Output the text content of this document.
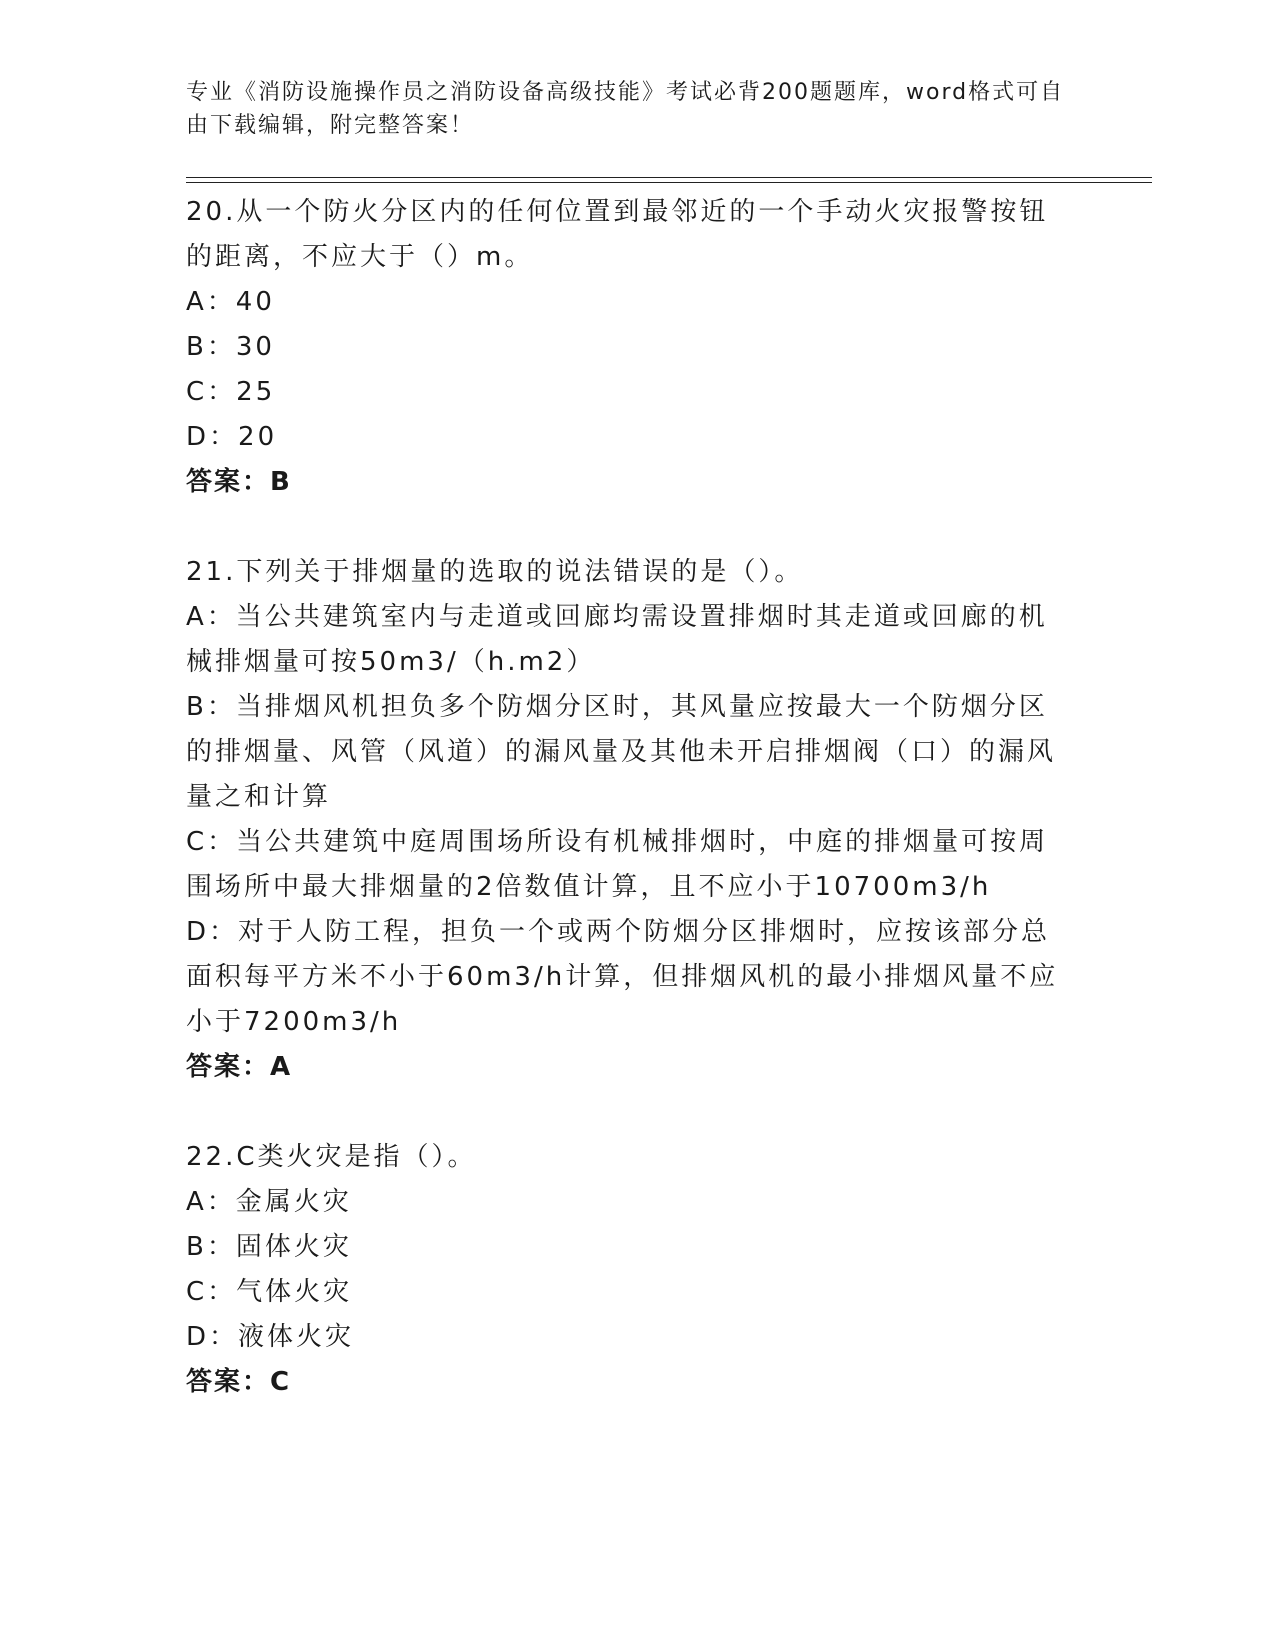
专业《消防设施操作员之消防设备高级技能》考试必背200题题库，word格式可自由下载编辑，附完整答案！

20.从一个防火分区内的任何位置到最邻近的一个手动火灾报警按钮的距离，不应大于（）m。

A：40

B：30

C：25

D：20

答案：B

21.下列关于排烟量的选取的说法错误的是（）。

A：当公共建筑室内与走道或回廊均需设置排烟时其走道或回廊的机械排烟量可按50m3/（h.m2）

B：当排烟风机担负多个防烟分区时，其风量应按最大一个防烟分区的排烟量、风管（风道）的漏风量及其他未开启排烟阀（口）的漏风量之和计算

C：当公共建筑中庭周围场所设有机械排烟时，中庭的排烟量可按周围场所中最大排烟量的2倍数值计算，且不应小于10700m3/h

D：对于人防工程，担负一个或两个防烟分区排烟时，应按该部分总面积每平方米不小于60m3/h计算，但排烟风机的最小排烟风量不应小于7200m3/h

答案：A

22.C类火灾是指（）。

A：金属火灾

B：固体火灾

C：气体火灾

D：液体火灾

答案：C
